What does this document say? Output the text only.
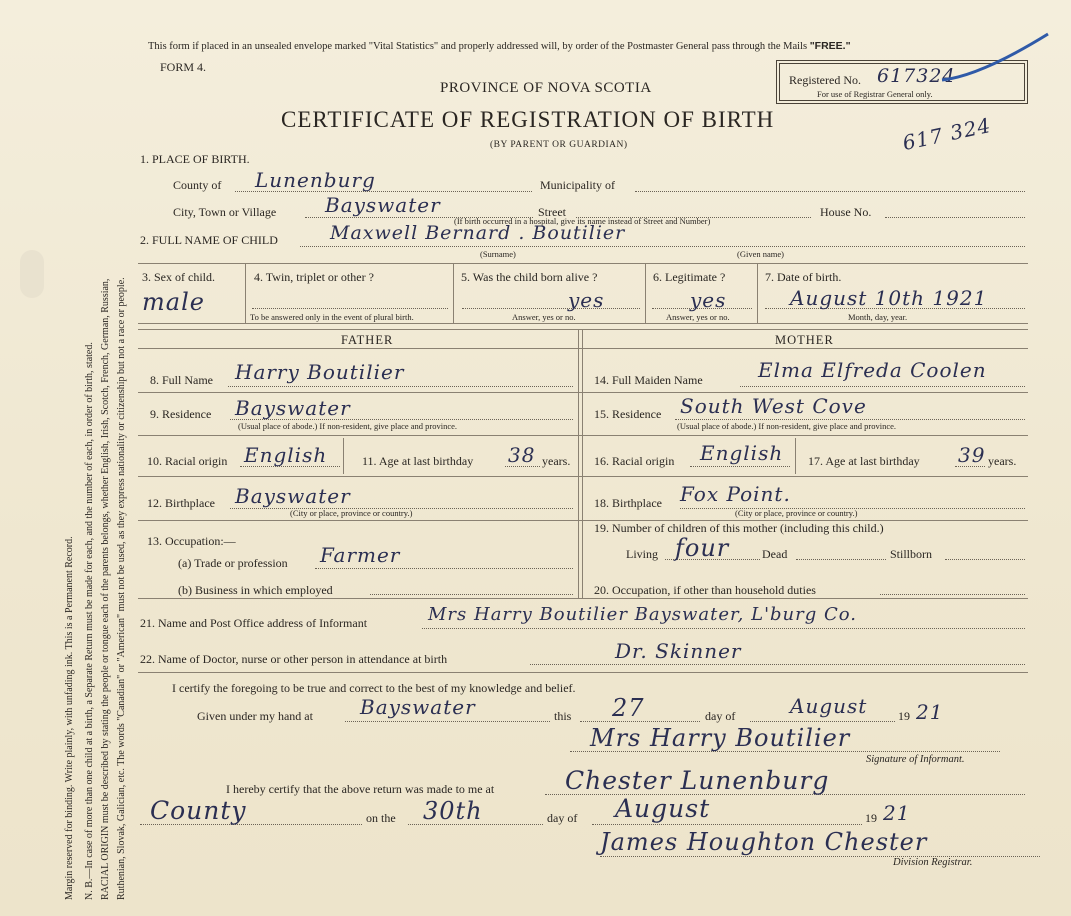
Margin reserved for binding. Write plainly, with unfading ink. This is a Permanent Record. N. B.—In case of more than one child at a birth, a Separate Return must be made for each, and the number of each, in order of birth, stated. RACIAL ORIGIN must be described by stating the people or tongue each of the parents belongs, whether English, Irish, Scotch, French, German, Russian, Ruthenian, Slovak, Galician, etc. The words "Canadian" or "American" must not be used, as they express nationality or citizenship but not a race or people.
This form if placed in an unsealed envelope marked "Vital Statistics" and properly addressed will, by order of the Postmaster General pass through the Mails "FREE."
FORM 4.
PROVINCE OF NOVA SCOTIA
CERTIFICATE OF REGISTRATION OF BIRTH
(BY PARENT OR GUARDIAN)
Registered No. 617324
For use of Registrar General only.
617 324
1. PLACE OF BIRTH.
County of Lunenburg	Municipality of
City, Town or Village Bayswater	Street	House No.
(If birth occurred in a hospital, give its name instead of Street and Number)
2. FULL NAME OF CHILD	Maxwell Bernard . Boutilier
(Surname)	(Given name)
3. Sex of child.
male
4. Twin, triplet or other ?
To be answered only in the event of plural birth.
5. Was the child born alive ?
yes
Answer, yes or no.
6. Legitimate ?
yes
Answer, yes or no.
7. Date of birth.
August 10th 1921
Month, day, year.
FATHER	MOTHER
8. Full Name Harry Boutilier
9. Residence Bayswater
(Usual place of abode.) If non-resident, give place and province.
10. Racial origin English	11. Age at last birthday 38 years.
12. Birthplace Bayswater
(City or place, province or country.)
13. Occupation:—
(a) Trade or profession Farmer
(b) Business in which employed
14. Full Maiden Name	Elma Elfreda Coolen
15. Residence South West Cove
(Usual place of abode.) If non-resident, give place and province.
16. Racial origin English 17. Age at last birthday 39 years.
18. Birthplace Fox Point.
(City or place, province or country.)
19. Number of children of this mother (including this child.)
Living four	Dead	Stillborn
20. Occupation, if other than household duties
21. Name and Post Office address of Informant	Mrs Harry Boutilier Bayswater, L'burg Co.
22. Name of Doctor, nurse or other person in attendance at birth	Dr. Skinner
I certify the foregoing to be true and correct to the best of my knowledge and belief.
Given under my hand at Bayswater	this 27	day of	August	19 21
Mrs Harry Boutilier
Signature of Informant.
I hereby certify that the above return was made to me at	Chester Lunenburg
County	on the 30th	day of August	19 21
James Houghton Chester
Division Registrar.
